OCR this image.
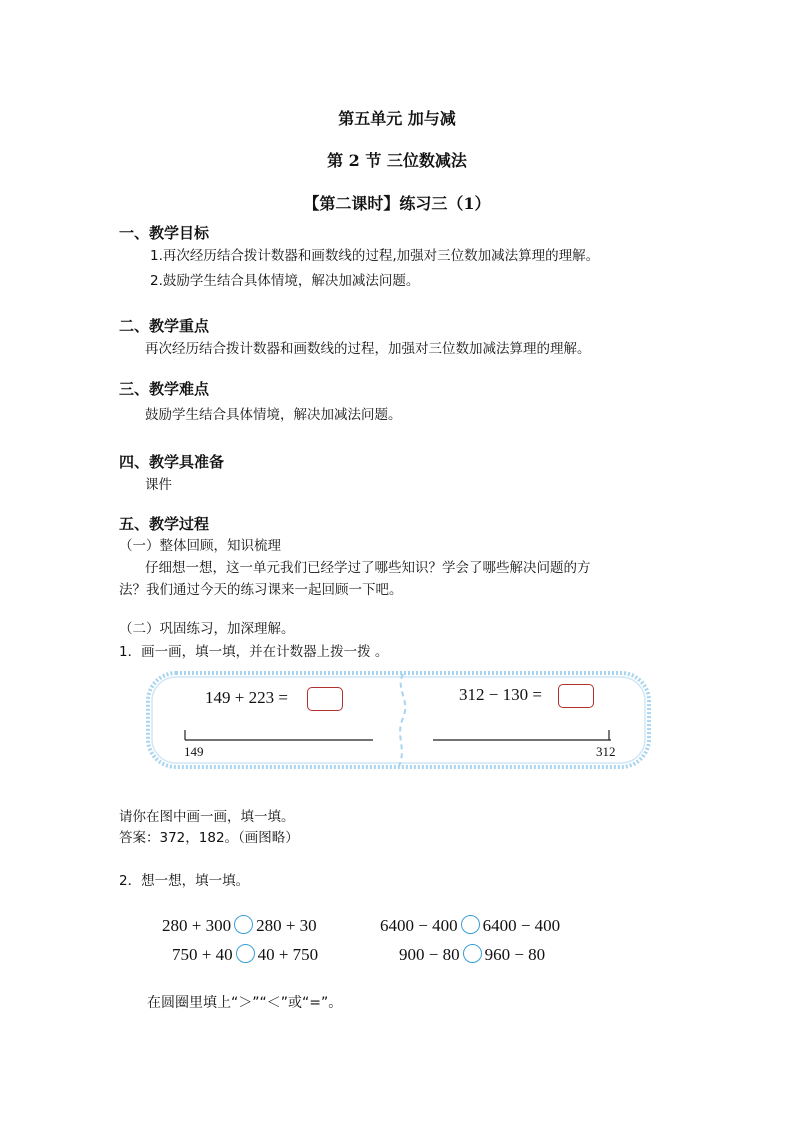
第五单元 加与减
第 2 节 三位数减法
【第二课时】练习三（1）
一、教学目标
1.再次经历结合拨计数器和画数线的过程,加强对三位数加减法算理的理解。
2.鼓励学生结合具体情境，解决加减法问题。
二、教学重点
再次经历结合拨计数器和画数线的过程，加强对三位数加减法算理的理解。
三、教学难点
鼓励学生结合具体情境，解决加减法问题。
四、教学具准备
课件
五、教学过程
（一）整体回顾，知识梳理
仔细想一想，这一单元我们已经学过了哪些知识？学会了哪些解决问题的方
法？我们通过今天的练习课来一起回顾一下吧。
（二）巩固练习，加深理解。
1．画一画，填一填，并在计数器上拨一拨 。
149 + 223 =
149
312 − 130 =
312
请你在图中画一画，填一填。
答案：372，182。（画图略）
2．想一想，填一填。
280 + 300 280 + 30	6400 − 400 6400 − 400
750 + 40 40 + 750	900 − 80 960 − 80
在圆圈里填上“＞”“＜”或“=”。
